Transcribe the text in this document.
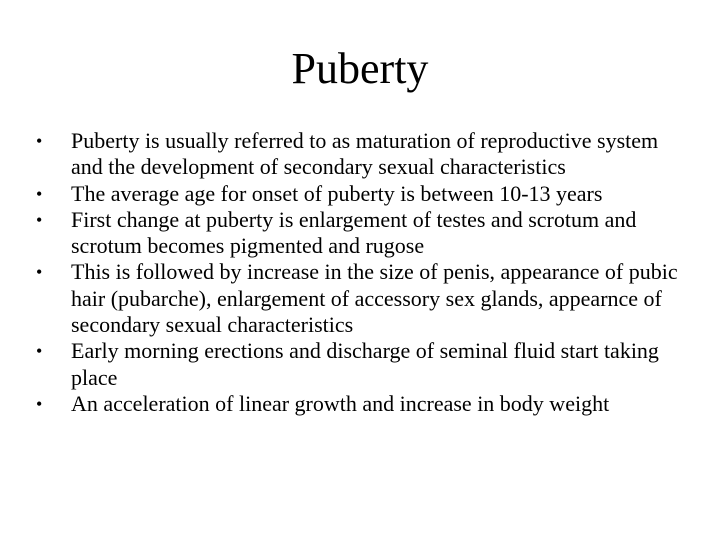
Puberty
•	Puberty is usually referred to as maturation of reproductive system and the development of secondary sexual characteristics
•	The average age for onset of puberty is between 10-13 years
•	First change at puberty is enlargement of testes and scrotum and scrotum becomes pigmented and rugose
•	This is followed by increase in the size of penis, appearance of pubic hair (pubarche), enlargement of accessory sex glands, appearnce of secondary sexual characteristics
•	Early morning erections and discharge of seminal fluid start taking place
•	An acceleration of linear growth and increase in body weight
